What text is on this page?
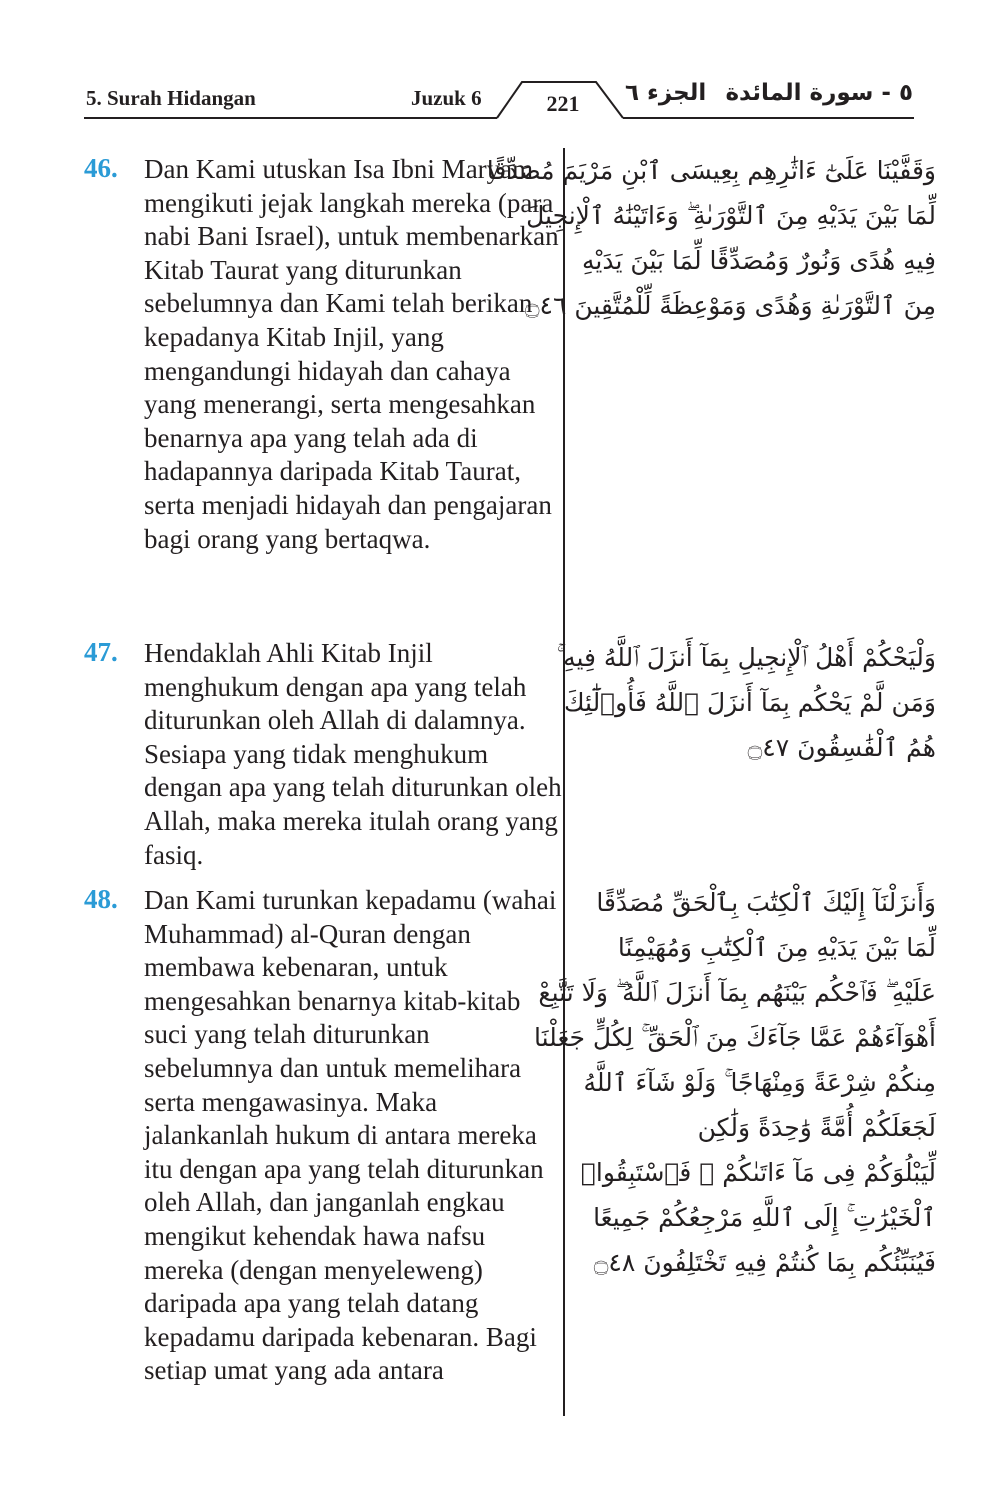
5. Surah Hidangan	Juzuk 6	221	الجزء ٦ ٥ - سورة المائدة
46. Dan Kami utuskan Isa Ibni Maryam mengikuti jejak langkah mereka (para nabi Bani Israel), untuk membenarkan Kitab Taurat yang diturunkan sebelumnya dan Kami telah berikan kepadanya Kitab Injil, yang mengandungi hidayah dan cahaya yang menerangi, serta mengesahkan benarnya apa yang telah ada di hadapannya daripada Kitab Taurat, serta menjadi hidayah dan pengajaran bagi orang yang bertaqwa.
وَقَفَّيْنَا عَلَىٰٓ ءَاثَٰرِهِم بِعِيسَى ٱبْنِ مَرْيَمَ مُصَدِّقًا
لِّمَا بَيْنَ يَدَيْهِ مِنَ ٱلتَّوْرَىٰةِ ۖ وَءَاتَيْنَٰهُ ٱلْإِنجِيلَ
فِيهِ هُدًى وَنُورٌ وَمُصَدِّقًا لِّمَا بَيْنَ يَدَيْهِ
مِنَ ٱلتَّوْرَىٰةِ وَهُدًى وَمَوْعِظَةً لِّلْمُتَّقِينَ ۝٤٦
47. Hendaklah Ahli Kitab Injil menghukum dengan apa yang telah diturunkan oleh Allah di dalamnya. Sesiapa yang tidak menghukum dengan apa yang telah diturunkan oleh Allah, maka mereka itulah orang yang fasiq.
وَلْيَحْكُمْ أَهْلُ ٱلْإِنجِيلِ بِمَآ أَنزَلَ ٱللَّهُ فِيهِ ۚ
وَمَن لَّمْ يَحْكُم بِمَآ أَنزَلَ ٱللَّهُ فَأُو۟لَٰٓئِكَ
هُمُ ٱلْفَٰسِقُونَ ۝٤٧
48. Dan Kami turunkan kepadamu (wahai Muhammad) al-Quran dengan membawa kebenaran, untuk mengesahkan benarnya kitab-kitab suci yang telah diturunkan sebelumnya dan untuk memelihara serta mengawasinya. Maka jalankanlah hukum di antara mereka itu dengan apa yang telah diturunkan oleh Allah, dan janganlah engkau mengikut kehendak hawa nafsu mereka (dengan menyeleweng) daripada apa yang telah datang kepadamu daripada kebenaran. Bagi setiap umat yang ada antara
وَأَنزَلْنَآ إِلَيْكَ ٱلْكِتَٰبَ بِٱلْحَقِّ مُصَدِّقًا
لِّمَا بَيْنَ يَدَيْهِ مِنَ ٱلْكِتَٰبِ وَمُهَيْمِنًا
عَلَيْهِ ۖ فَٱحْكُم بَيْنَهُم بِمَآ أَنزَلَ ٱللَّهُ ۖ وَلَا تَتَّبِعْ
أَهْوَآءَهُمْ عَمَّا جَآءَكَ مِنَ ٱلْحَقِّ ۚ لِكُلٍّ جَعَلْنَا
مِنكُمْ شِرْعَةً وَمِنْهَاجًا ۚ وَلَوْ شَآءَ ٱللَّهُ
لَجَعَلَكُمْ أُمَّةً وَٰحِدَةً وَلَٰكِن
لِّيَبْلُوَكُمْ فِى مَآ ءَاتَىٰكُمْ ۖ فَٱسْتَبِقُوا۟
ٱلْخَيْرَٰتِ ۚ إِلَى ٱللَّهِ مَرْجِعُكُمْ جَمِيعًا
فَيُنَبِّئُكُم بِمَا كُنتُمْ فِيهِ تَخْتَلِفُونَ ۝٤٨
